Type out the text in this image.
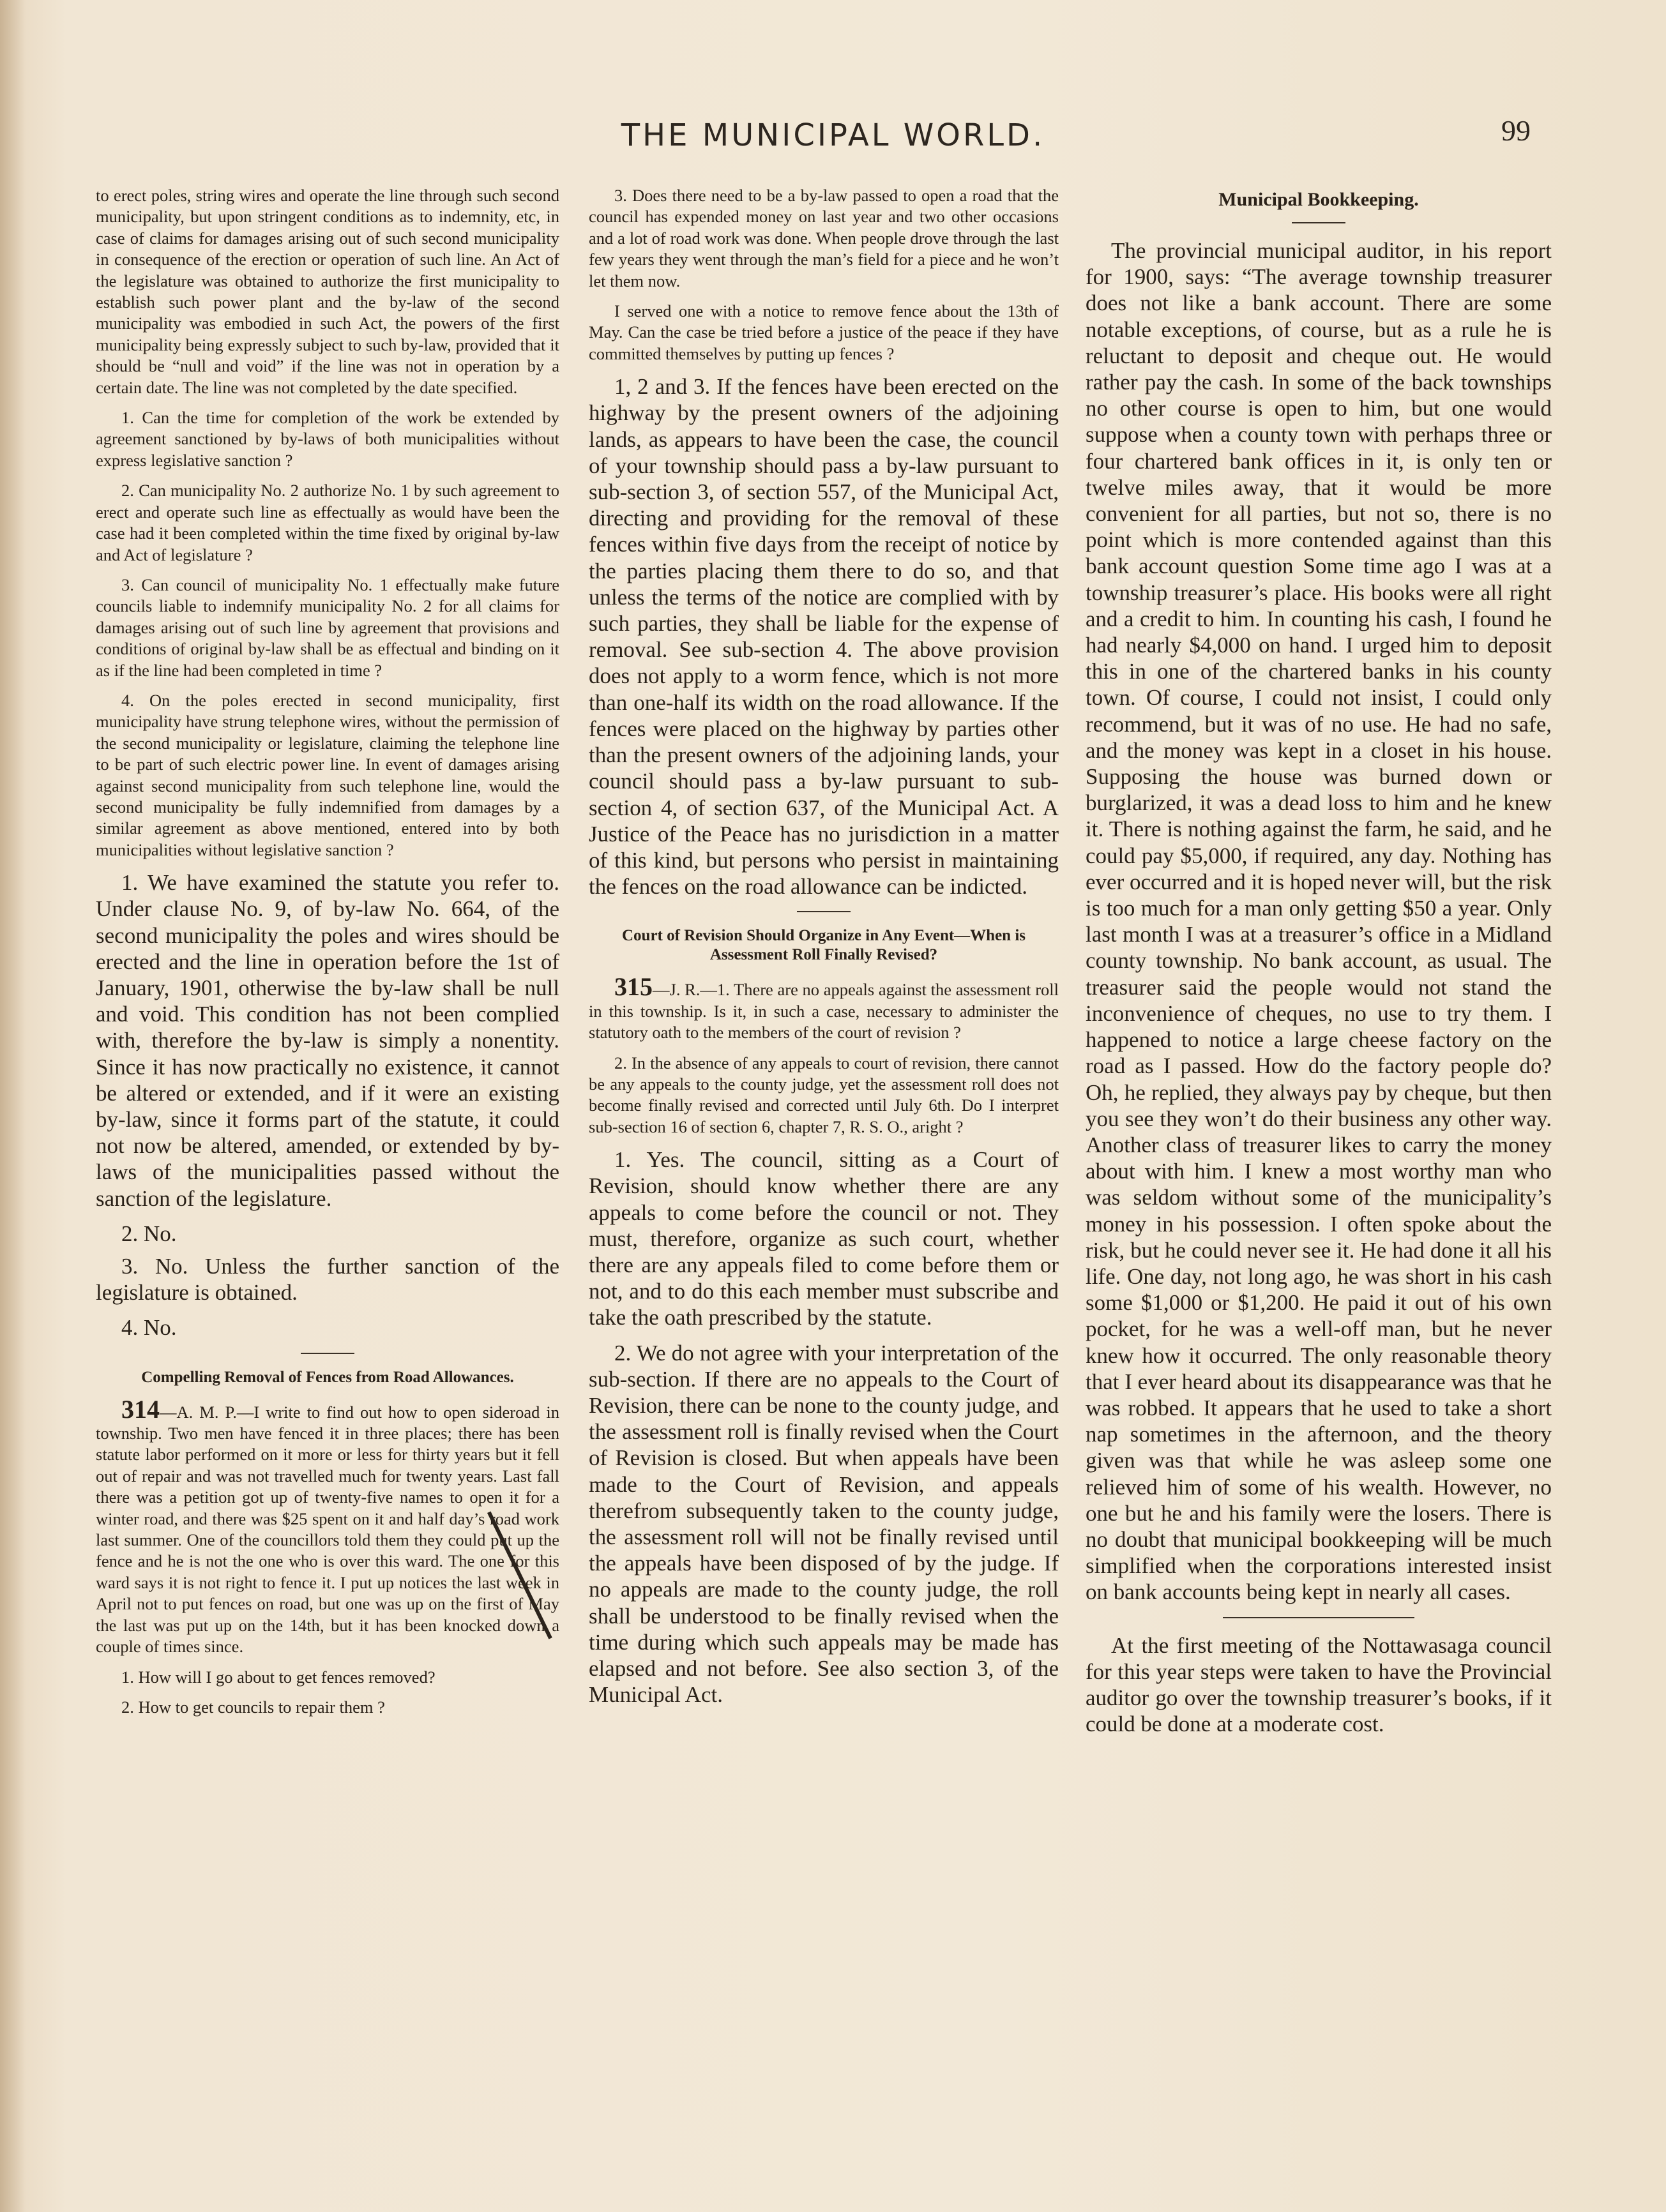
THE MUNICIPAL WORLD.	99

to erect poles, string wires and operate the line through such second municipality, but upon stringent conditions as to indemnity, etc, in case of claims for damages arising out of such second municipality in consequence of the erection or operation of such line. An Act of the legislature was obtained to authorize the first municipality to establish such power plant and the by-law of the second municipality was embodied in such Act, the powers of the first municipality being expressly subject to such by-law, provided that it should be “null and void” if the line was not in operation by a certain date. The line was not completed by the date specified.

1. Can the time for completion of the work be extended by agreement sanctioned by by-laws of both municipalities without express legislative sanction ?

2. Can municipality No. 2 authorize No. 1 by such agreement to erect and operate such line as effectually as would have been the case had it been completed within the time fixed by original by-law and Act of legislature ?

3. Can council of municipality No. 1 effectually make future councils liable to indemnify municipality No. 2 for all claims for damages arising out of such line by agreement that provisions and conditions of original by-law shall be as effectual and binding on it as if the line had been completed in time ?

4. On the poles erected in second municipality, first municipality have strung telephone wires, without the permission of the second municipality or legislature, claiming the telephone line to be part of such electric power line. In event of damages arising against second municipality from such telephone line, would the second municipality be fully indemnified from damages by a similar agreement as above mentioned, entered into by both municipalities without legislative sanction ?

1. We have examined the statute you refer to. Under clause No. 9, of by-law No. 664, of the second municipality the poles and wires should be erected and the line in operation before the 1st of January, 1901, otherwise the by-law shall be null and void. This condition has not been complied with, therefore the by-law is simply a nonentity. Since it has now practically no existence, it cannot be altered or extended, and if it were an existing by-law, since it forms part of the statute, it could not now be altered, amended, or extended by by-laws of the municipalities passed without the sanction of the legislature.

2. No.

3. No. Unless the further sanction of the legislature is obtained.

4. No.

Compelling Removal of Fences from Road Allowances.

314—A. M. P.—I write to find out how to open sideroad in township. Two men have fenced it in three places; there has been statute labor performed on it more or less for thirty years but it fell out of repair and was not travelled much for twenty years. Last fall there was a petition got up of twenty-five names to open it for a winter road, and there was $25 spent on it and half day’s road work last summer. One of the councillors told them they could put up the fence and he is not the one who is over this ward. The one for this ward says it is not right to fence it. I put up notices the last week in April not to put fences on road, but one was up on the first of May the last was put up on the 14th, but it has been knocked down a couple of times since.

1. How will I go about to get fences removed?

2. How to get councils to repair them ?

3. Does there need to be a by-law passed to open a road that the council has expended money on last year and two other occasions and a lot of road work was done. When people drove through the last few years they went through the man’s field for a piece and he won’t let them now.

I served one with a notice to remove fence about the 13th of May. Can the case be tried before a justice of the peace if they have committed themselves by putting up fences ?

1, 2 and 3. If the fences have been erected on the highway by the present owners of the adjoining lands, as appears to have been the case, the council of your township should pass a by-law pursuant to sub-section 3, of section 557, of the Municipal Act, directing and providing for the removal of these fences within five days from the receipt of notice by the parties placing them there to do so, and that unless the terms of the notice are complied with by such parties, they shall be liable for the expense of removal. See sub-section 4. The above provision does not apply to a worm fence, which is not more than one-half its width on the road allowance. If the fences were placed on the highway by parties other than the present owners of the adjoining lands, your council should pass a by-law pursuant to sub-section 4, of section 637, of the Municipal Act. A Justice of the Peace has no jurisdiction in a matter of this kind, but persons who persist in maintaining the fences on the road allowance can be indicted.

Court of Revision Should Organize in Any Event—When is Assessment Roll Finally Revised?

315—J. R.—1. There are no appeals against the assessment roll in this township. Is it, in such a case, necessary to administer the statutory oath to the members of the court of revision ?

2. In the absence of any appeals to court of revision, there cannot be any appeals to the county judge, yet the assessment roll does not become finally revised and corrected until July 6th. Do I interpret sub-section 16 of section 6, chapter 7, R. S. O., aright ?

1. Yes. The council, sitting as a Court of Revision, should know whether there are any appeals to come before the council or not. They must, therefore, organize as such court, whether there are any appeals filed to come before them or not, and to do this each member must subscribe and take the oath prescribed by the statute.

2. We do not agree with your interpretation of the sub-section. If there are no appeals to the Court of Revision, there can be none to the county judge, and the assessment roll is finally revised when the Court of Revision is closed. But when appeals have been made to the Court of Revision, and appeals therefrom subsequently taken to the county judge, the assessment roll will not be finally revised until the appeals have been disposed of by the judge. If no appeals are made to the county judge, the roll shall be understood to be finally revised when the time during which such appeals may be made has elapsed and not before. See also section 3, of the Municipal Act.

Municipal Bookkeeping.

The provincial municipal auditor, in his report for 1900, says: “The average township treasurer does not like a bank account. There are some notable exceptions, of course, but as a rule he is reluctant to deposit and cheque out. He would rather pay the cash. In some of the back townships no other course is open to him, but one would suppose when a county town with perhaps three or four chartered bank offices in it, is only ten or twelve miles away, that it would be more convenient for all parties, but not so, there is no point which is more contended against than this bank account question Some time ago I was at a township treasurer’s place. His books were all right and a credit to him. In counting his cash, I found he had nearly $4,000 on hand. I urged him to deposit this in one of the chartered banks in his county town. Of course, I could not insist, I could only recommend, but it was of no use. He had no safe, and the money was kept in a closet in his house. Supposing the house was burned down or burglarized, it was a dead loss to him and he knew it. There is nothing against the farm, he said, and he could pay $5,000, if required, any day. Nothing has ever occurred and it is hoped never will, but the risk is too much for a man only getting $50 a year. Only last month I was at a treasurer’s office in a Midland county township. No bank account, as usual. The treasurer said the people would not stand the inconvenience of cheques, no use to try them. I happened to notice a large cheese factory on the road as I passed. How do the factory people do? Oh, he replied, they always pay by cheque, but then you see they won’t do their business any other way. Another class of treasurer likes to carry the money about with him. I knew a most worthy man who was seldom without some of the municipality’s money in his possession. I often spoke about the risk, but he could never see it. He had done it all his life. One day, not long ago, he was short in his cash some $1,000 or $1,200. He paid it out of his own pocket, for he was a well-off man, but he never knew how it occurred. The only reasonable theory that I ever heard about its disappearance was that he was robbed. It appears that he used to take a short nap sometimes in the afternoon, and the theory given was that while he was asleep some one relieved him of some of his wealth. However, no one but he and his family were the losers. There is no doubt that municipal bookkeeping will be much simplified when the corporations interested insist on bank accounts being kept in nearly all cases.

At the first meeting of the Nottawasaga council for this year steps were taken to have the Provincial auditor go over the township treasurer’s books, if it could be done at a moderate cost.
